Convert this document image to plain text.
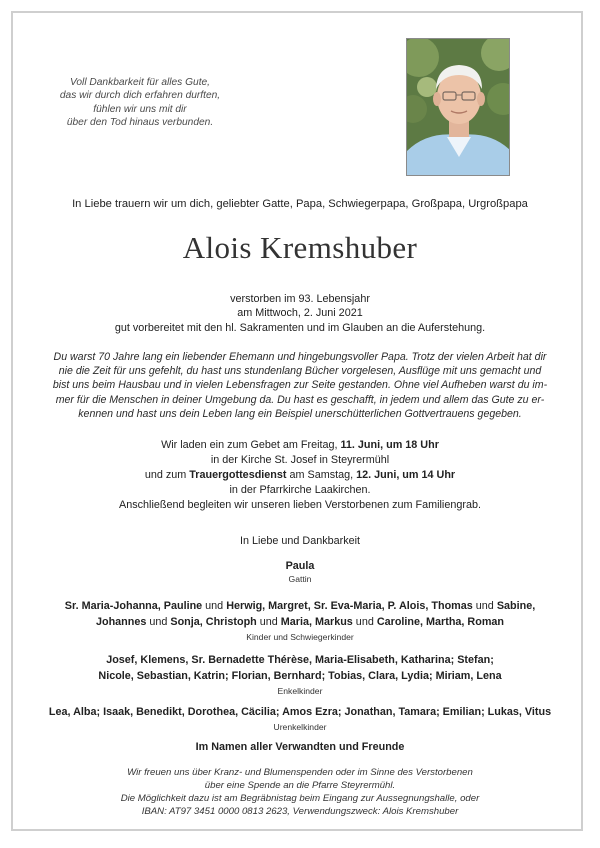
Voll Dankbarkeit für alles Gute,
das wir durch dich erfahren durften,
fühlen wir uns mit dir
über den Tod hinaus verbunden.
In Liebe trauern wir um dich, geliebter Gatte, Papa, Schwiegerpapa, Großpapa, Urgroßpapa
Alois Kremshuber
verstorben im 93. Lebensjahr
am Mittwoch, 2. Juni 2021
gut vorbereitet mit den hl. Sakramenten und im Glauben an die Auferstehung.
Du warst 70 Jahre lang ein liebender Ehemann und hingebungsvoller Papa. Trotz der vielen Arbeit hat dir
nie die Zeit für uns gefehlt, du hast uns stundenlang Bücher vorgelesen, Ausflüge mit uns gemacht und
bist uns beim Hausbau und in vielen Lebensfragen zur Seite gestanden. Ohne viel Aufheben warst du im-
mer für die Menschen in deiner Umgebung da. Du hast es geschafft, in jedem und allem das Gute zu er-
kennen und hast uns dein Leben lang ein Beispiel unerschütterlichen Gottvertrauens gegeben.
Wir laden ein zum Gebet am Freitag, 11. Juni, um 18 Uhr
in der Kirche St. Josef in Steyrermühl
und zum Trauergottesdienst am Samstag, 12. Juni, um 14 Uhr
in der Pfarrkirche Laakirchen.
Anschließend begleiten wir unseren lieben Verstorbenen zum Familiengrab.
In Liebe und Dankbarkeit
Paula
Gattin
Sr. Maria-Johanna, Pauline und Herwig, Margret, Sr. Eva-Maria, P. Alois, Thomas und Sabine,
Johannes und Sonja, Christoph und Maria, Markus und Caroline, Martha, Roman
Kinder und Schwiegerkinder
Josef, Klemens, Sr. Bernadette Thérèse, Maria-Elisabeth, Katharina; Stefan;
Nicole, Sebastian, Katrin; Florian, Bernhard; Tobias, Clara, Lydia; Miriam, Lena
Enkelkinder
Lea, Alba; Isaak, Benedikt, Dorothea, Cäcilia; Amos Ezra; Jonathan, Tamara; Emilian; Lukas, Vitus
Urenkelkinder
Im Namen aller Verwandten und Freunde
Wir freuen uns über Kranz- und Blumenspenden oder im Sinne des Verstorbenen
über eine Spende an die Pfarre Steyrermühl.
Die Möglichkeit dazu ist am Begräbnistag beim Eingang zur Aussegnungshalle, oder
IBAN: AT97 3451 0000 0813 2623, Verwendungszweck: Alois Kremshuber
